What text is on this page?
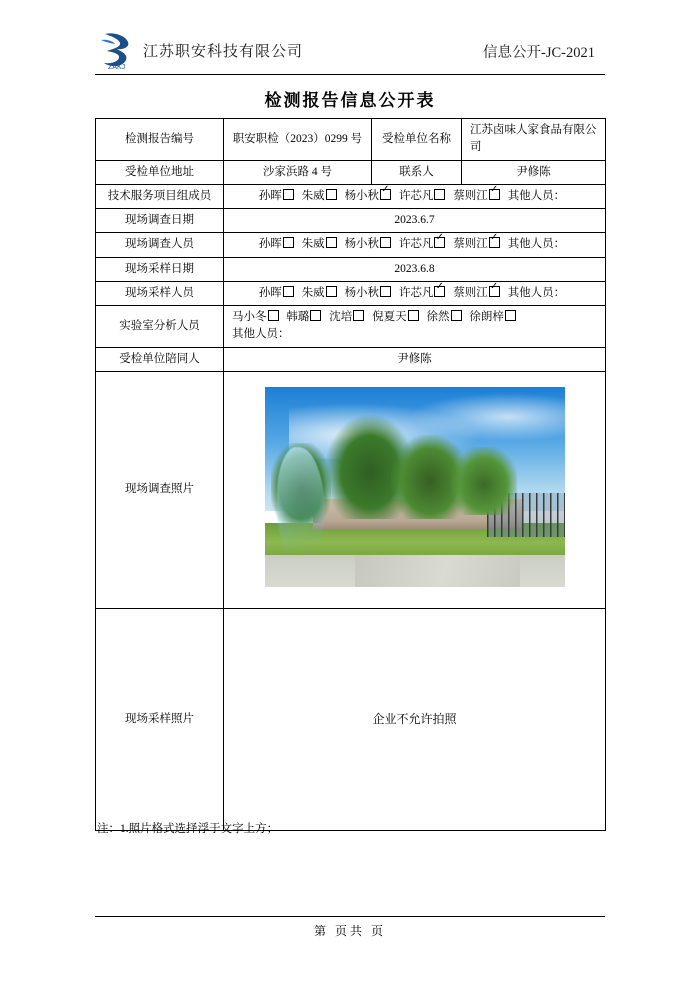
ZAKJ
江苏职安科技有限公司	信息公开-JC-2021
检测报告信息公开表
检测报告编号	职安职检（2023）0299 号	受检单位名称	江苏卤味人家食品有限公司
受检单位地址	沙家浜路 4 号	联系人	尹修陈
技术服务项目组成员	孙晖 朱威 杨小秋 ✓ 许芯凡 蔡则江 ✓ 其他人员：
现场调查日期	2023.6.7		
现场调查人员	孙晖 朱威 杨小秋 许芯凡 ✓ 蔡则江 ✓ 其他人员：
现场采样日期	2023.6.8		
现场采样人员	孙晖 朱威 杨小秋 许芯凡 ✓ 蔡则江 ✓ 其他人员：
实验室分析人员	马小冬 韩璐 沈培 倪夏天 徐然 徐朗梓
其他人员：		

受检单位陪同人	尹修陈		
现场调查照片			

现场采样照片	企业不允许拍照		
注：1.照片格式选择浮于文字上方；
第 页共 页
